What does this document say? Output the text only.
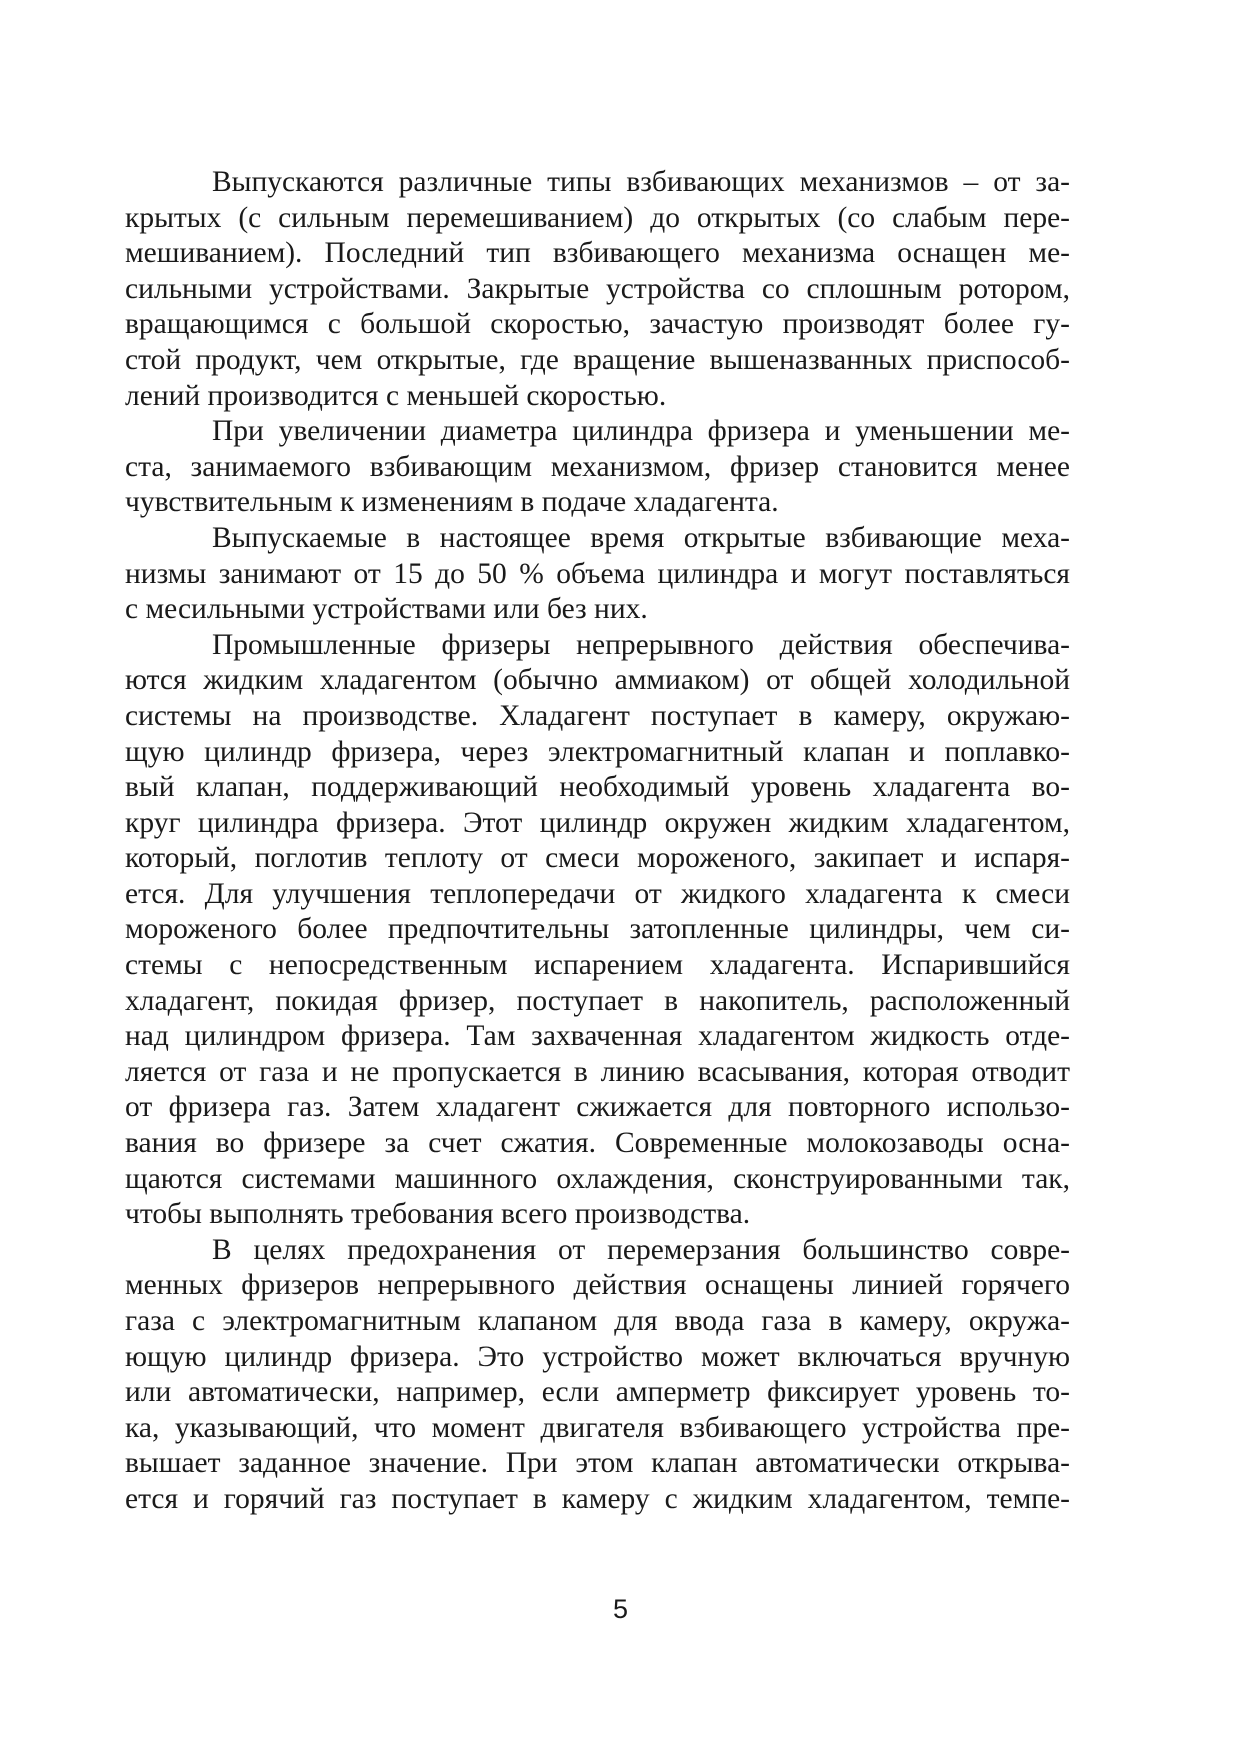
Выпускаются различные типы взбивающих механизмов – от за-
крытых (с сильным перемешиванием) до открытых (со слабым пере-
мешиванием). Последний тип взбивающего механизма оснащен ме-
сильными устройствами. Закрытые устройства со сплошным ротором,
вращающимся с большой скоростью, зачастую производят более гу-
стой продукт, чем открытые, где вращение вышеназванных приспособ-
лений производится с меньшей скоростью.
При увеличении диаметра цилиндра фризера и уменьшении ме-
ста, занимаемого взбивающим механизмом, фризер становится менее
чувствительным к изменениям в подаче хладагента.
Выпускаемые в настоящее время открытые взбивающие меха-
низмы занимают от 15 до 50 % объема цилиндра и могут поставляться
с месильными устройствами или без них.
Промышленные фризеры непрерывного действия обеспечива-
ются жидким хладагентом (обычно аммиаком) от общей холодильной
системы на производстве. Хладагент поступает в камеру, окружаю-
щую цилиндр фризера, через электромагнитный клапан и поплавко-
вый клапан, поддерживающий необходимый уровень хладагента во-
круг цилиндра фризера. Этот цилиндр окружен жидким хладагентом,
который, поглотив теплоту от смеси мороженого, закипает и испаря-
ется. Для улучшения теплопередачи от жидкого хладагента к смеси
мороженого более предпочтительны затопленные цилиндры, чем си-
стемы с непосредственным испарением хладагента. Испарившийся
хладагент, покидая фризер, поступает в накопитель, расположенный
над цилиндром фризера. Там захваченная хладагентом жидкость отде-
ляется от газа и не пропускается в линию всасывания, которая отводит
от фризера газ. Затем хладагент сжижается для повторного использо-
вания во фризере за счет сжатия. Современные молокозаводы осна-
щаются системами машинного охлаждения, сконструированными так,
чтобы выполнять требования всего производства.
В целях предохранения от перемерзания большинство совре-
менных фризеров непрерывного действия оснащены линией горячего
газа с электромагнитным клапаном для ввода газа в камеру, окружа-
ющую цилиндр фризера. Это устройство может включаться вручную
или автоматически, например, если амперметр фиксирует уровень то-
ка, указывающий, что момент двигателя взбивающего устройства пре-
вышает заданное значение. При этом клапан автоматически открыва-
ется и горячий газ поступает в камеру с жидким хладагентом, темпе-
5
